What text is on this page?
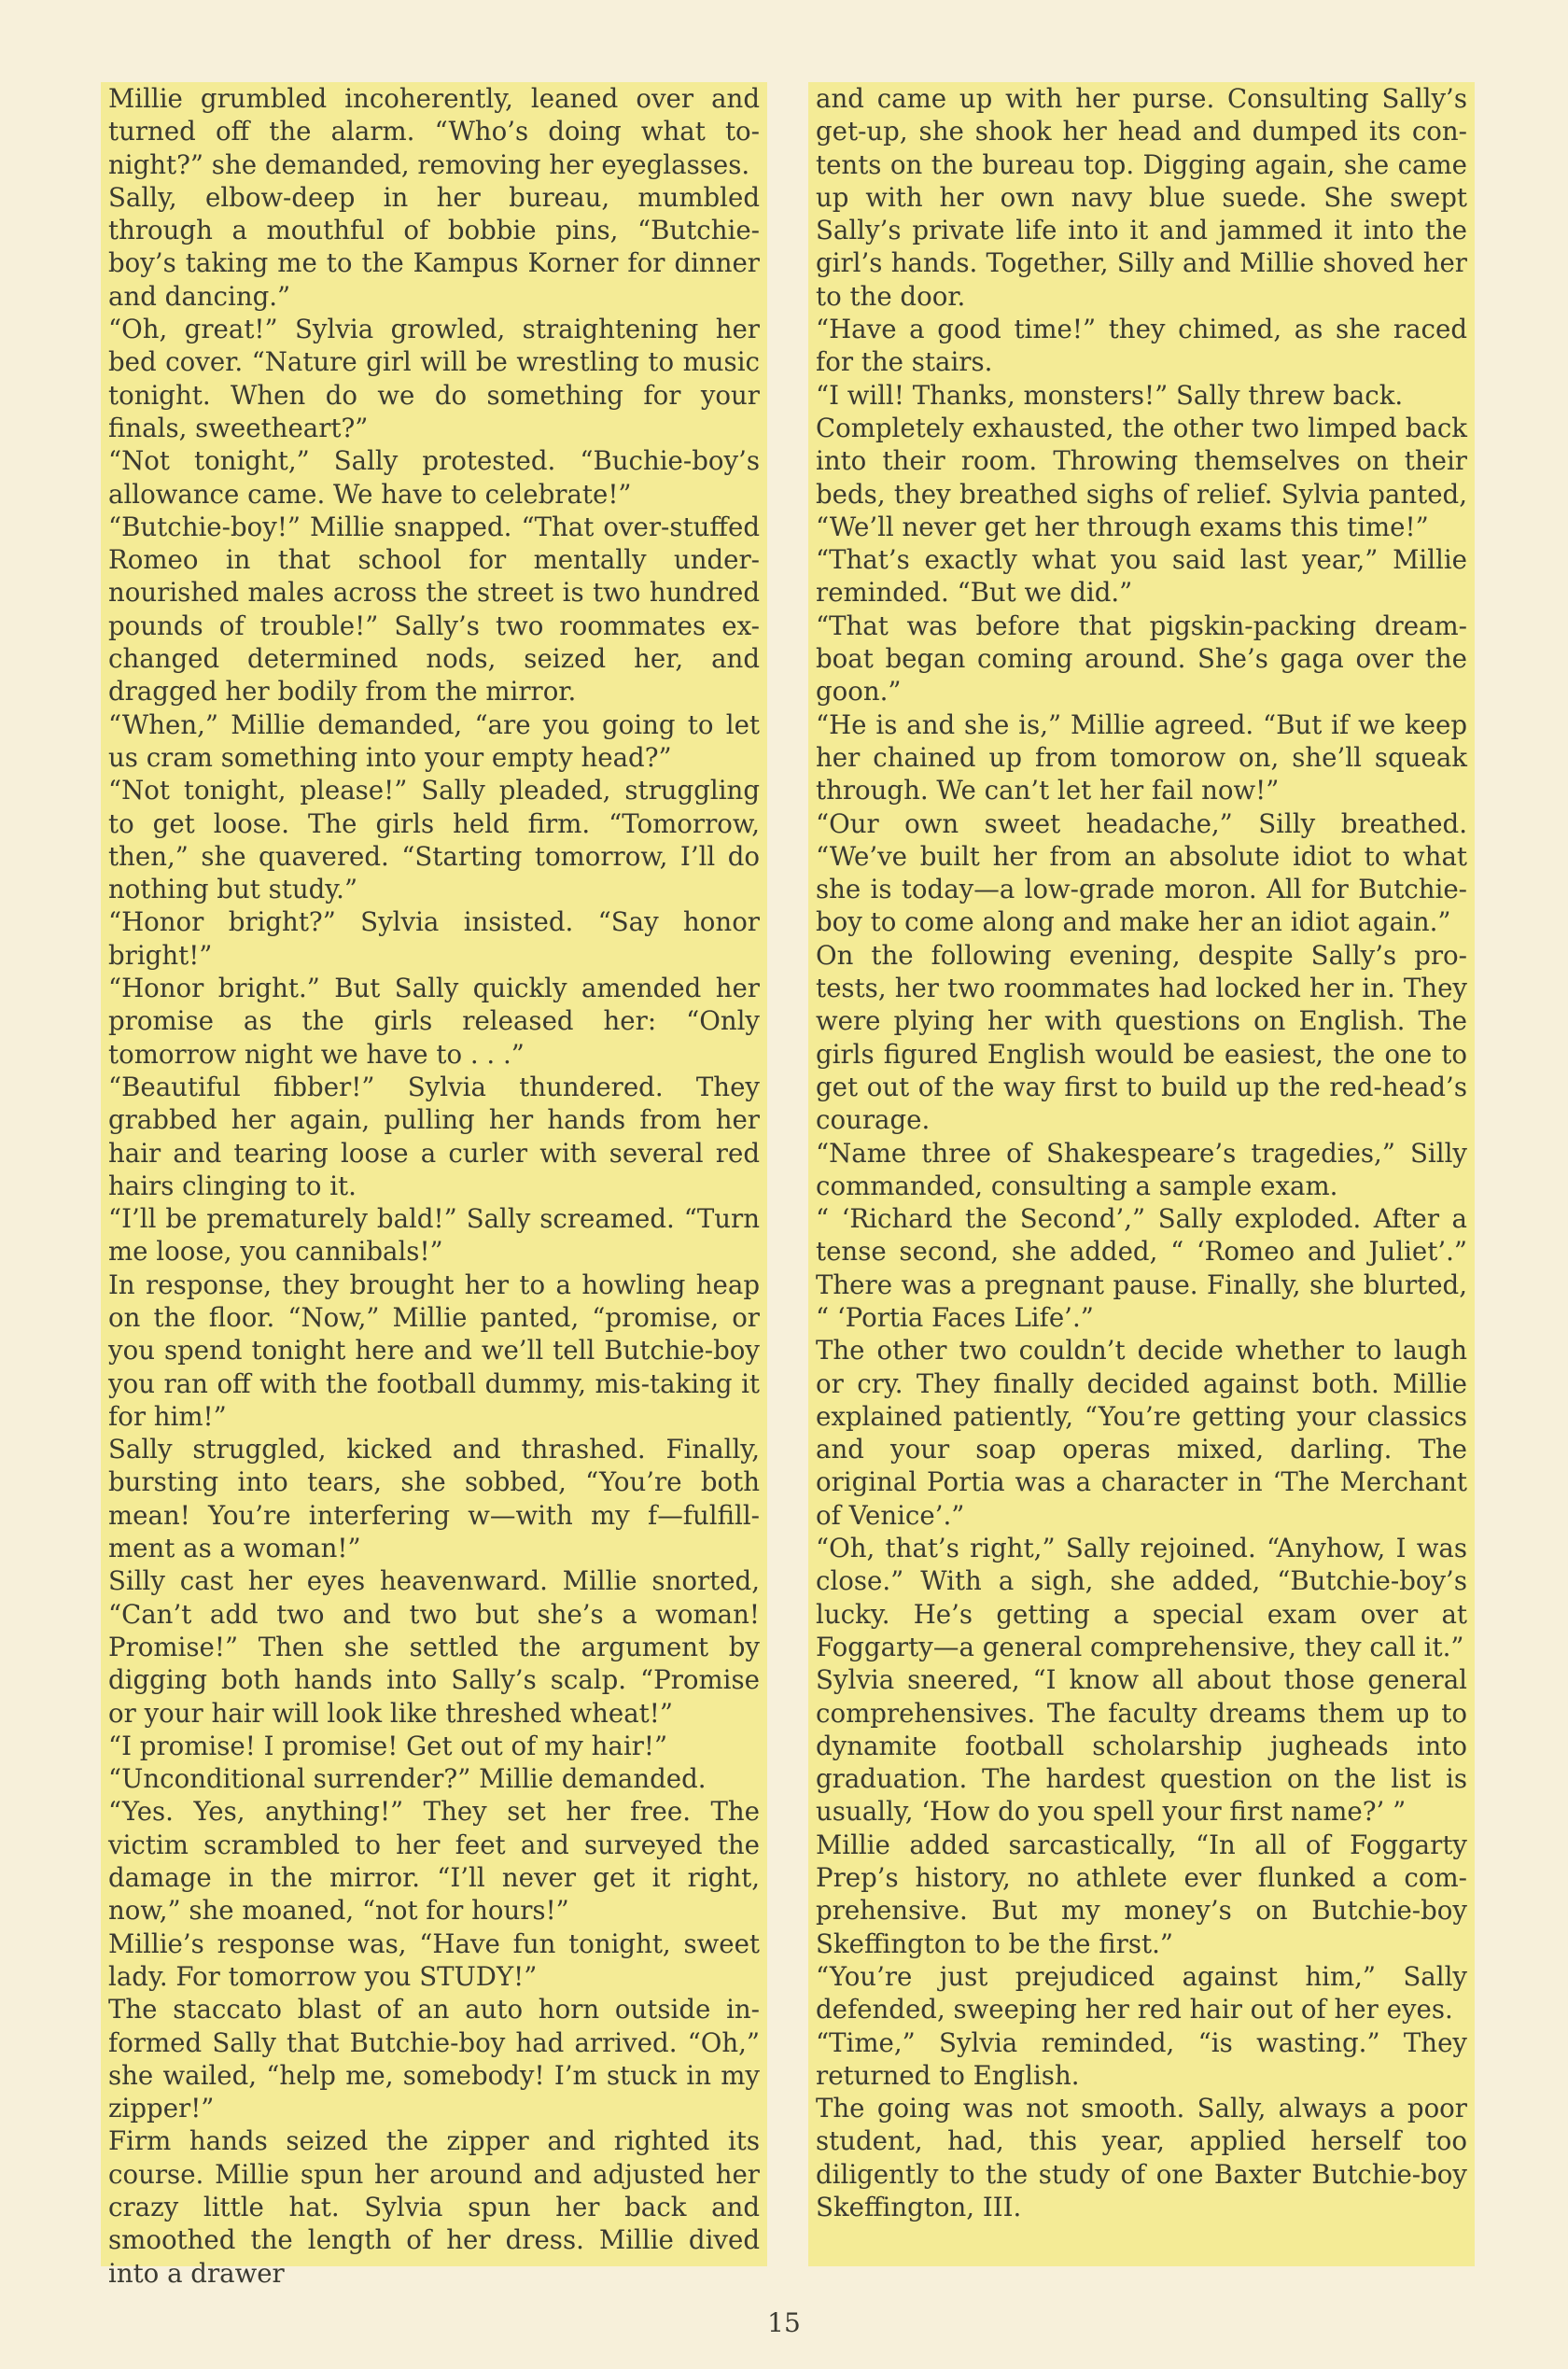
Millie grumbled incoherently, leaned over and turned off the alarm. “Who’s doing what to-night?” she demanded, removing her eyeglasses.

Sally, elbow-deep in her bureau, mumbled through a mouthful of bobbie pins, “Butchie-boy’s taking me to the Kampus Korner for dinner and dancing.”

“Oh, great!” Sylvia growled, straightening her bed cover. “Nature girl will be wrestling to music tonight. When do we do something for your finals, sweetheart?”

“Not tonight,” Sally protested. “Buchie-boy’s allowance came. We have to celebrate!”

“Butchie-boy!” Millie snapped. “That over-stuffed Romeo in that school for mentally under-nourished males across the street is two hundred pounds of trouble!” Sally’s two roommates ex-changed determined nods, seized her, and dragged her bodily from the mirror.

“When,” Millie demanded, “are you going to let us cram something into your empty head?”

“Not tonight, please!” Sally pleaded, struggling to get loose. The girls held firm. “Tomorrow, then,” she quavered. “Starting tomorrow, I’ll do nothing but study.”

“Honor bright?” Sylvia insisted. “Say honor bright!”

“Honor bright.” But Sally quickly amended her promise as the girls released her: “Only tomorrow night we have to . . .”

“Beautiful fibber!” Sylvia thundered. They grabbed her again, pulling her hands from her hair and tearing loose a curler with several red hairs clinging to it.

“I’ll be prematurely bald!” Sally screamed. “Turn me loose, you cannibals!”

In response, they brought her to a howling heap on the floor. “Now,” Millie panted, “promise, or you spend tonight here and we’ll tell Butchie-boy you ran off with the football dummy, mis-taking it for him!”

Sally struggled, kicked and thrashed. Finally, bursting into tears, she sobbed, “You’re both mean! You’re interfering w—with my f—fulfill-ment as a woman!”

Silly cast her eyes heavenward. Millie snorted, “Can’t add two and two but she’s a woman! Promise!” Then she settled the argument by digging both hands into Sally’s scalp. “Promise or your hair will look like threshed wheat!”

“I promise! I promise! Get out of my hair!”

“Unconditional surrender?” Millie demanded.

“Yes. Yes, anything!” They set her free. The victim scrambled to her feet and surveyed the damage in the mirror. “I’ll never get it right, now,” she moaned, “not for hours!”

Millie’s response was, “Have fun tonight, sweet lady. For tomorrow you STUDY!”

The staccato blast of an auto horn outside in-formed Sally that Butchie-boy had arrived. “Oh,” she wailed, “help me, somebody! I’m stuck in my zipper!”

Firm hands seized the zipper and righted its course. Millie spun her around and adjusted her crazy little hat. Sylvia spun her back and smoothed the length of her dress. Millie dived into a drawer

and came up with her purse. Consulting Sally’s get-up, she shook her head and dumped its con-tents on the bureau top. Digging again, she came up with her own navy blue suede. She swept Sally’s private life into it and jammed it into the girl’s hands. Together, Silly and Millie shoved her to the door.

“Have a good time!” they chimed, as she raced for the stairs.

“I will! Thanks, monsters!” Sally threw back.

Completely exhausted, the other two limped back into their room. Throwing themselves on their beds, they breathed sighs of relief. Sylvia panted, “We’ll never get her through exams this time!”

“That’s exactly what you said last year,” Millie reminded. “But we did.”

“That was before that pigskin-packing dream-boat began coming around. She’s gaga over the goon.”

“He is and she is,” Millie agreed. “But if we keep her chained up from tomorow on, she’ll squeak through. We can’t let her fail now!”

“Our own sweet headache,” Silly breathed. “We’ve built her from an absolute idiot to what she is today—a low-grade moron. All for Butchie-boy to come along and make her an idiot again.”

On the following evening, despite Sally’s pro-tests, her two roommates had locked her in. They were plying her with questions on English. The girls figured English would be easiest, the one to get out of the way first to build up the red-head’s courage.

“Name three of Shakespeare’s tragedies,” Silly commanded, consulting a sample exam.

“ ‘Richard the Second’,” Sally exploded. After a tense second, she added, “ ‘Romeo and Juliet’.” There was a pregnant pause. Finally, she blurted, “ ‘Portia Faces Life’.”

The other two couldn’t decide whether to laugh or cry. They finally decided against both. Millie explained patiently, “You’re getting your classics and your soap operas mixed, darling. The original Portia was a character in ‘The Merchant of Venice’.”

“Oh, that’s right,” Sally rejoined. “Anyhow, I was close.” With a sigh, she added, “Butchie-boy’s lucky. He’s getting a special exam over at Foggarty—a general comprehensive, they call it.”

Sylvia sneered, “I know all about those general comprehensives. The faculty dreams them up to dynamite football scholarship jugheads into graduation. The hardest question on the list is usually, ‘How do you spell your first name?’ ”

Millie added sarcastically, “In all of Foggarty Prep’s history, no athlete ever flunked a com-prehensive. But my money’s on Butchie-boy Skeffington to be the first.”

“You’re just prejudiced against him,” Sally defended, sweeping her red hair out of her eyes.

“Time,” Sylvia reminded, “is wasting.” They returned to English.

The going was not smooth. Sally, always a poor student, had, this year, applied herself too diligently to the study of one Baxter Butchie-boy Skeffington, III.

15
